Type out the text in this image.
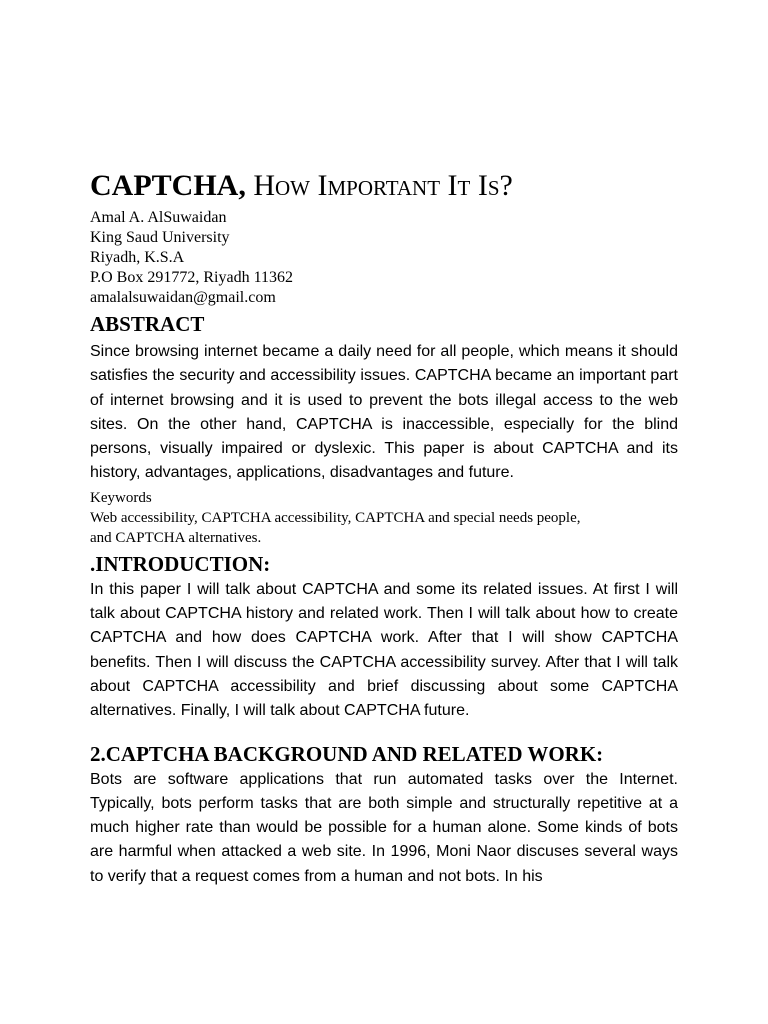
CAPTCHA, How Important It Is?
Amal A. AlSuwaidan
King Saud University
Riyadh, K.S.A
P.O Box 291772, Riyadh 11362
amalalsuwaidan@gmail.com
ABSTRACT

Since browsing internet became a daily need for all people, which means it should satisfies the security and accessibility issues. CAPTCHA became an important part of internet browsing and it is used to prevent the bots illegal access to the web sites. On the other hand, CAPTCHA is inaccessible, especially for the blind persons, visually impaired or dyslexic. This paper is about CAPTCHA and its history, advantages, applications, disadvantages and future.

Keywords
Web accessibility, CAPTCHA accessibility, CAPTCHA and special needs people,
and CAPTCHA alternatives.
.INTRODUCTION:

In this paper I will talk about CAPTCHA and some its related issues. At first I will talk about CAPTCHA history and related work. Then I will talk about how to create CAPTCHA and how does CAPTCHA work. After that I will show CAPTCHA benefits. Then I will discuss the CAPTCHA accessibility survey. After that I will talk about CAPTCHA accessibility and brief discussing about some CAPTCHA alternatives. Finally, I will talk about CAPTCHA future.

2.CAPTCHA BACKGROUND AND RELATED WORK:

Bots are software applications that run automated tasks over the Internet. Typically, bots perform tasks that are both simple and structurally repetitive at a much higher rate than would be possible for a human alone. Some kinds of bots are harmful when attacked a web site. In 1996, Moni Naor discuses several ways to verify that a request comes from a human and not bots. In his
